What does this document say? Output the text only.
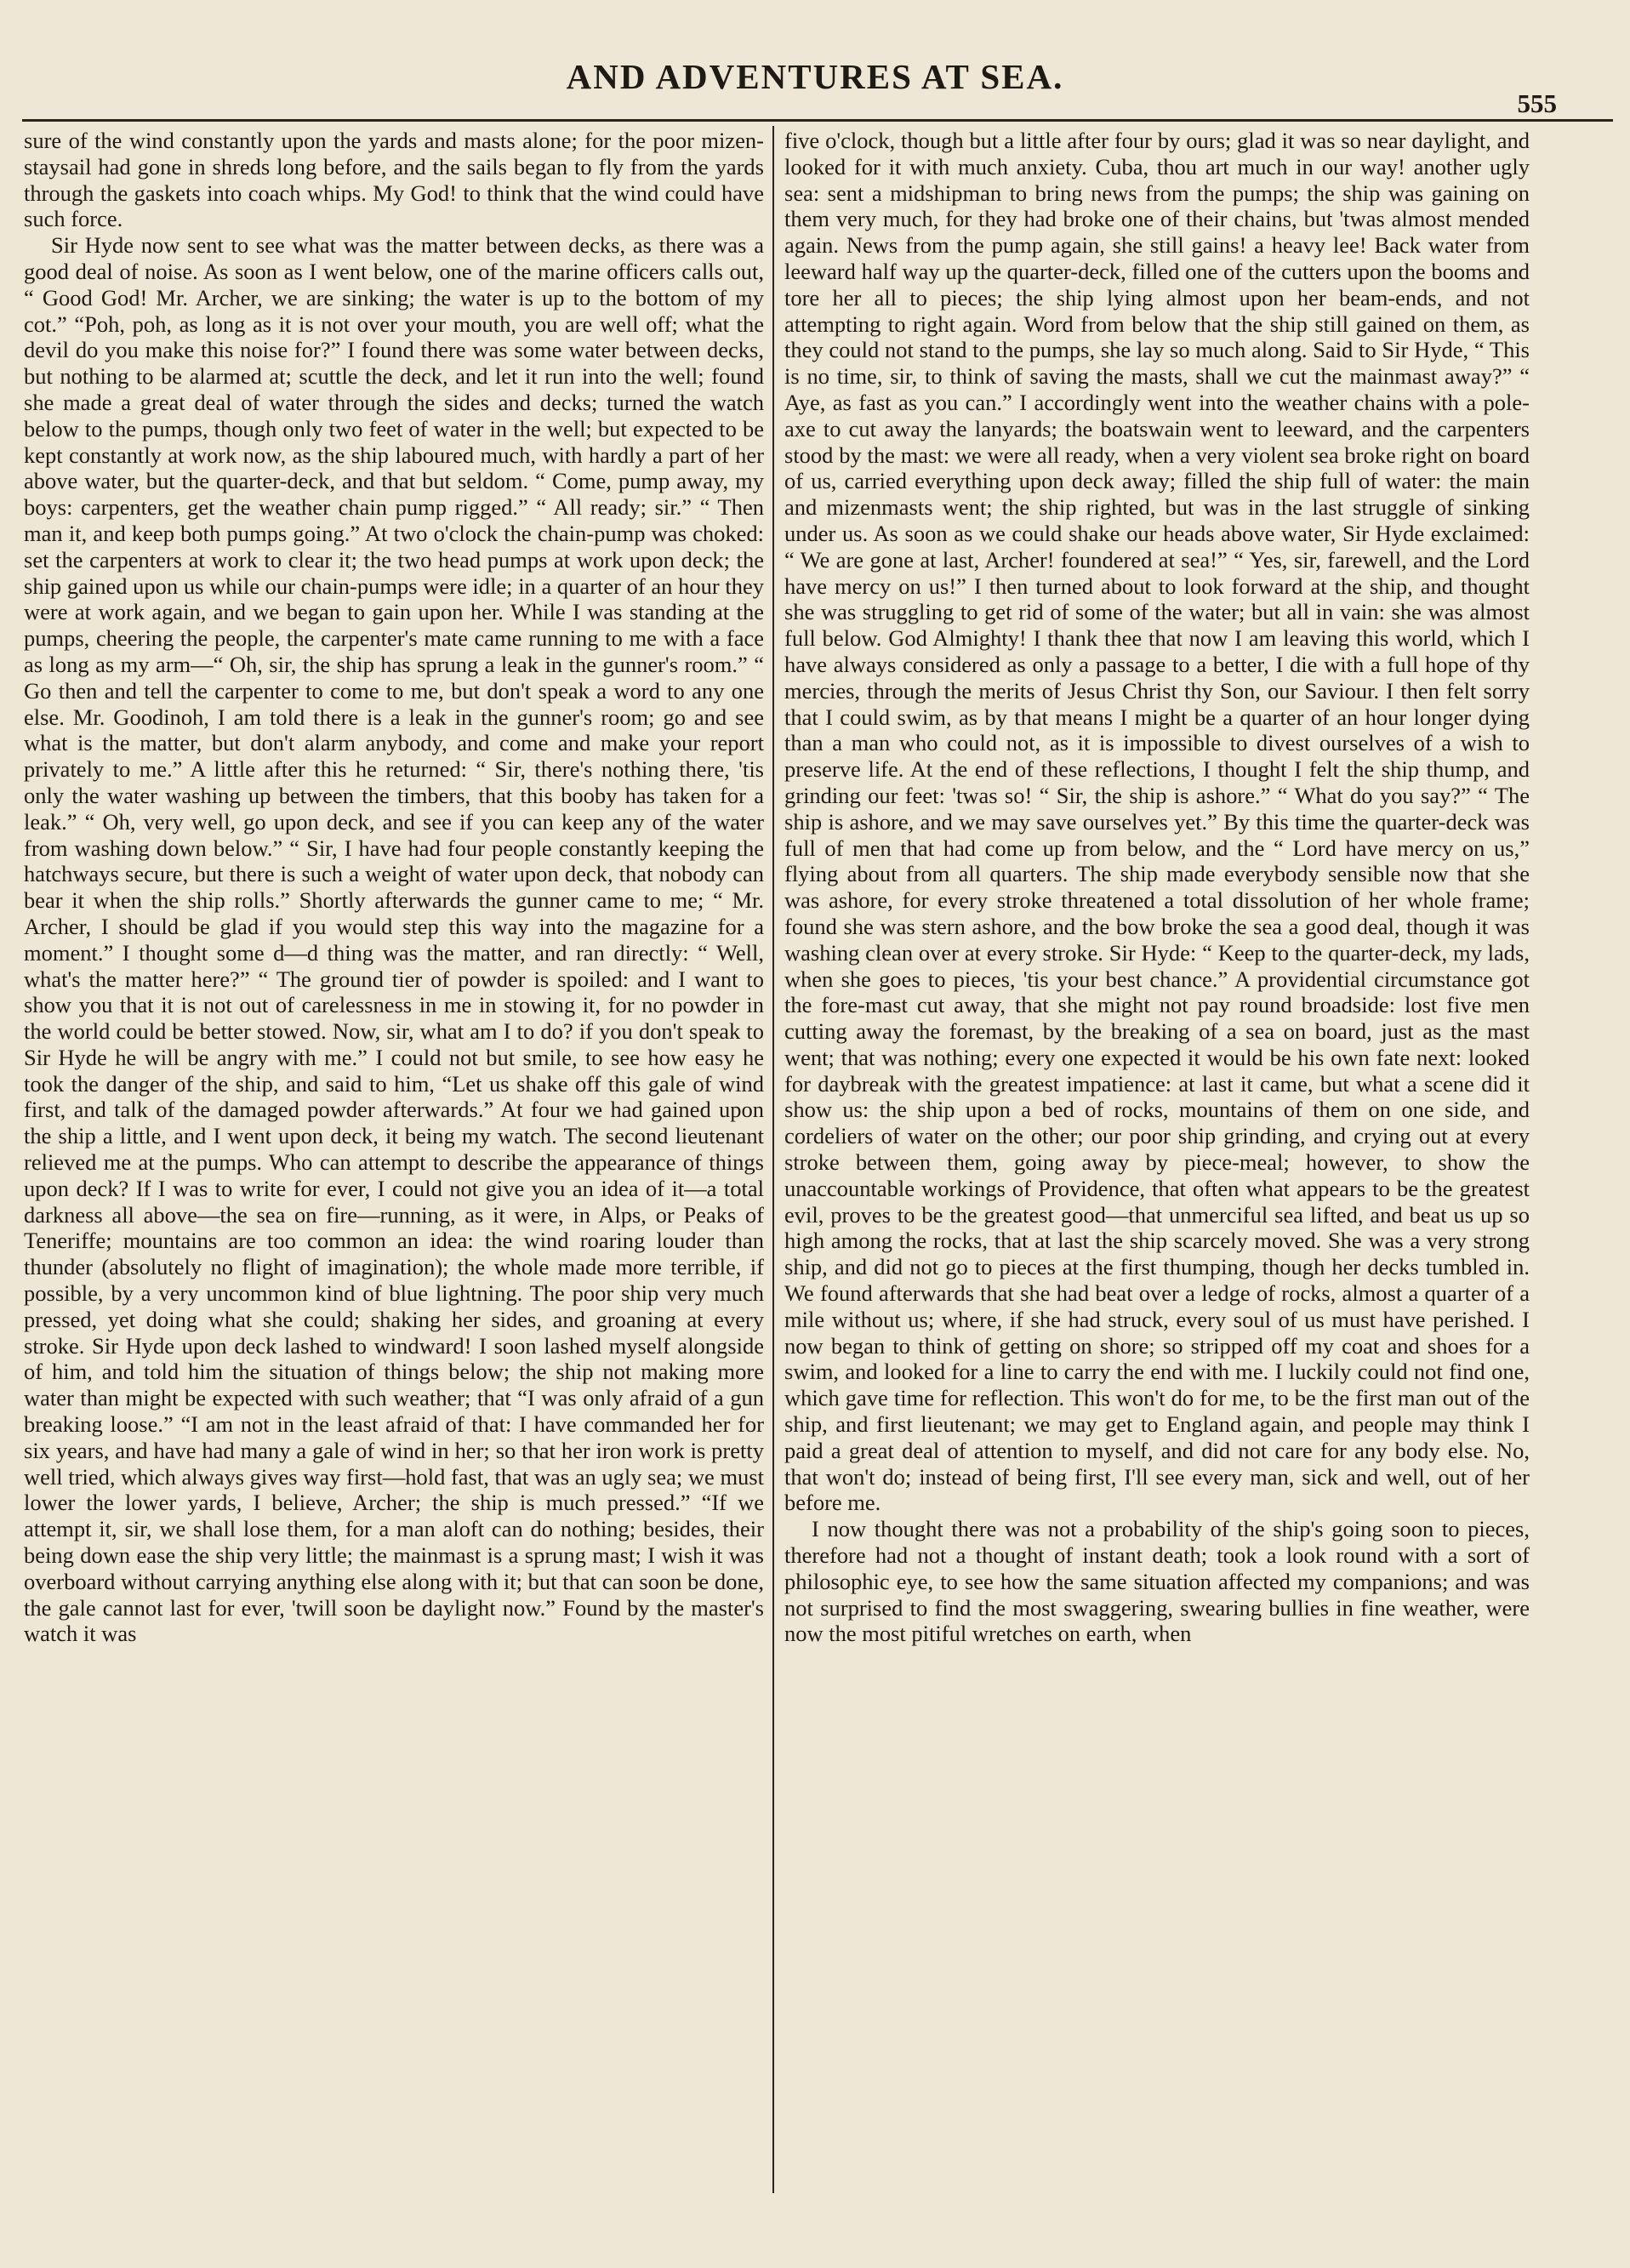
AND ADVENTURES AT SEA.
555

sure of the wind constantly upon the yards and masts alone; for the poor mizen-staysail had gone in shreds long before, and the sails began to fly from the yards through the gaskets into coach whips. My God! to think that the wind could have such force.

Sir Hyde now sent to see what was the matter between decks, as there was a good deal of noise. As soon as I went below, one of the marine officers calls out, “ Good God! Mr. Archer, we are sinking; the water is up to the bottom of my cot.” “Poh, poh, as long as it is not over your mouth, you are well off; what the devil do you make this noise for?” I found there was some water between decks, but nothing to be alarmed at; scuttle the deck, and let it run into the well; found she made a great deal of water through the sides and decks; turned the watch below to the pumps, though only two feet of water in the well; but expected to be kept constantly at work now, as the ship laboured much, with hardly a part of her above water, but the quarter-deck, and that but seldom. “ Come, pump away, my boys: carpenters, get the weather chain pump rigged.” “ All ready; sir.” “ Then man it, and keep both pumps going.” At two o'clock the chain-pump was choked: set the carpenters at work to clear it; the two head pumps at work upon deck; the ship gained upon us while our chain-pumps were idle; in a quarter of an hour they were at work again, and we began to gain upon her. While I was standing at the pumps, cheering the people, the carpenter's mate came running to me with a face as long as my arm—“ Oh, sir, the ship has sprung a leak in the gunner's room.” “ Go then and tell the carpenter to come to me, but don't speak a word to any one else. Mr. Goodinoh, I am told there is a leak in the gunner's room; go and see what is the matter, but don't alarm anybody, and come and make your report privately to me.” A little after this he returned: “ Sir, there's nothing there, 'tis only the water washing up between the timbers, that this booby has taken for a leak.” “ Oh, very well, go upon deck, and see if you can keep any of the water from washing down below.” “ Sir, I have had four people constantly keeping the hatchways secure, but there is such a weight of water upon deck, that nobody can bear it when the ship rolls.” Shortly afterwards the gunner came to me; “ Mr. Archer, I should be glad if you would step this way into the magazine for a moment.” I thought some d—d thing was the matter, and ran directly: “ Well, what's the matter here?” “ The ground tier of powder is spoiled: and I want to show you that it is not out of carelessness in me in stowing it, for no powder in the world could be better stowed. Now, sir, what am I to do? if you don't speak to Sir Hyde he will be angry with me.” I could not but smile, to see how easy he took the danger of the ship, and said to him, “Let us shake off this gale of wind first, and talk of the damaged powder afterwards.” At four we had gained upon the ship a little, and I went upon deck, it being my watch. The second lieutenant relieved me at the pumps. Who can attempt to describe the appearance of things upon deck? If I was to write for ever, I could not give you an idea of it—a total darkness all above—the sea on fire—running, as it were, in Alps, or Peaks of Teneriffe; mountains are too common an idea: the wind roaring louder than thunder (absolutely no flight of imagination); the whole made more terrible, if possible, by a very uncommon kind of blue lightning. The poor ship very much pressed, yet doing what she could; shaking her sides, and groaning at every stroke. Sir Hyde upon deck lashed to windward! I soon lashed myself alongside of him, and told him the situation of things below; the ship not making more water than might be expected with such weather; that “I was only afraid of a gun breaking loose.” “I am not in the least afraid of that: I have commanded her for six years, and have had many a gale of wind in her; so that her iron work is pretty well tried, which always gives way first—hold fast, that was an ugly sea; we must lower the lower yards, I believe, Archer; the ship is much pressed.” “If we attempt it, sir, we shall lose them, for a man aloft can do nothing; besides, their being down ease the ship very little; the mainmast is a sprung mast; I wish it was overboard without carrying anything else along with it; but that can soon be done, the gale cannot last for ever, 'twill soon be daylight now.” Found by the master's watch it was

five o'clock, though but a little after four by ours; glad it was so near daylight, and looked for it with much anxiety. Cuba, thou art much in our way! another ugly sea: sent a midshipman to bring news from the pumps; the ship was gaining on them very much, for they had broke one of their chains, but 'twas almost mended again. News from the pump again, she still gains! a heavy lee! Back water from leeward half way up the quarter-deck, filled one of the cutters upon the booms and tore her all to pieces; the ship lying almost upon her beam-ends, and not attempting to right again. Word from below that the ship still gained on them, as they could not stand to the pumps, she lay so much along. Said to Sir Hyde, “ This is no time, sir, to think of saving the masts, shall we cut the mainmast away?” “ Aye, as fast as you can.” I accordingly went into the weather chains with a pole-axe to cut away the lanyards; the boatswain went to leeward, and the carpenters stood by the mast: we were all ready, when a very violent sea broke right on board of us, carried everything upon deck away; filled the ship full of water: the main and mizenmasts went; the ship righted, but was in the last struggle of sinking under us. As soon as we could shake our heads above water, Sir Hyde exclaimed: “ We are gone at last, Archer! foundered at sea!” “ Yes, sir, farewell, and the Lord have mercy on us!” I then turned about to look forward at the ship, and thought she was struggling to get rid of some of the water; but all in vain: she was almost full below. God Almighty! I thank thee that now I am leaving this world, which I have always considered as only a passage to a better, I die with a full hope of thy mercies, through the merits of Jesus Christ thy Son, our Saviour. I then felt sorry that I could swim, as by that means I might be a quarter of an hour longer dying than a man who could not, as it is impossible to divest ourselves of a wish to preserve life. At the end of these reflections, I thought I felt the ship thump, and grinding our feet: 'twas so! “ Sir, the ship is ashore.” “ What do you say?” “ The ship is ashore, and we may save ourselves yet.” By this time the quarter-deck was full of men that had come up from below, and the “ Lord have mercy on us,” flying about from all quarters. The ship made everybody sensible now that she was ashore, for every stroke threatened a total dissolution of her whole frame; found she was stern ashore, and the bow broke the sea a good deal, though it was washing clean over at every stroke. Sir Hyde: “ Keep to the quarter-deck, my lads, when she goes to pieces, 'tis your best chance.” A providential circumstance got the fore-mast cut away, that she might not pay round broadside: lost five men cutting away the foremast, by the breaking of a sea on board, just as the mast went; that was nothing; every one expected it would be his own fate next: looked for daybreak with the greatest impatience: at last it came, but what a scene did it show us: the ship upon a bed of rocks, mountains of them on one side, and cordeliers of water on the other; our poor ship grinding, and crying out at every stroke between them, going away by piece-meal; however, to show the unaccountable workings of Providence, that often what appears to be the greatest evil, proves to be the greatest good—that unmerciful sea lifted, and beat us up so high among the rocks, that at last the ship scarcely moved. She was a very strong ship, and did not go to pieces at the first thumping, though her decks tumbled in. We found afterwards that she had beat over a ledge of rocks, almost a quarter of a mile without us; where, if she had struck, every soul of us must have perished. I now began to think of getting on shore; so stripped off my coat and shoes for a swim, and looked for a line to carry the end with me. I luckily could not find one, which gave time for reflection. This won't do for me, to be the first man out of the ship, and first lieutenant; we may get to England again, and people may think I paid a great deal of attention to myself, and did not care for any body else. No, that won't do; instead of being first, I'll see every man, sick and well, out of her before me.

I now thought there was not a probability of the ship's going soon to pieces, therefore had not a thought of instant death; took a look round with a sort of philosophic eye, to see how the same situation affected my companions; and was not surprised to find the most swaggering, swearing bullies in fine weather, were now the most pitiful wretches on earth, when
